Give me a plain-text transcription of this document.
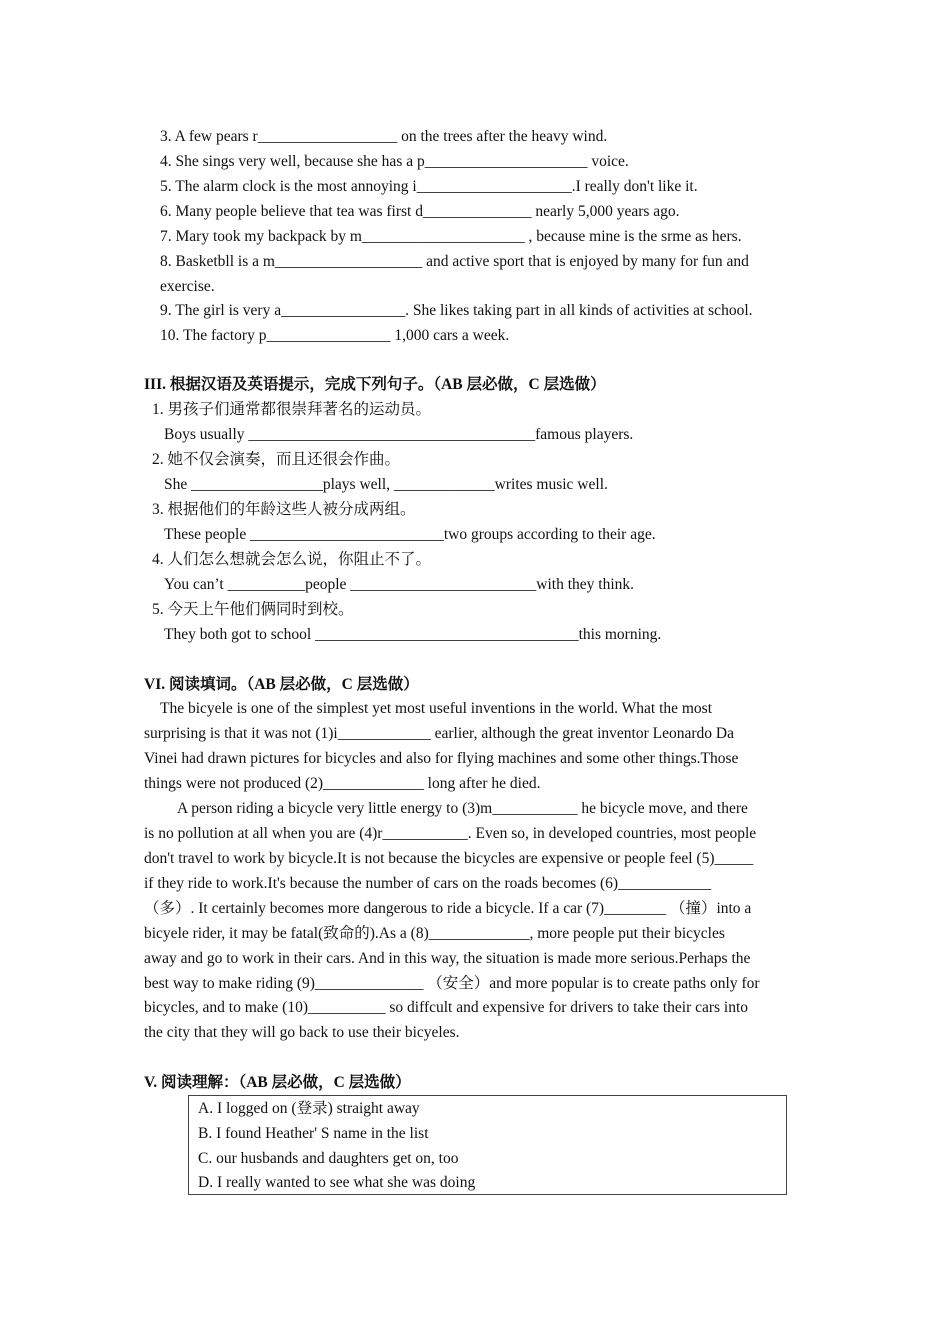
3. A few pears r__________________ on the trees after the heavy wind.
4. She sings very well, because she has a p_____________________ voice.
5. The alarm clock is the most annoying i____________________.I really don't like it.
6. Many people believe that tea was first d______________ nearly 5,000 years ago.
7. Mary took my backpack by m_____________________ , because mine is the srme as hers.
8. Basketbll is a m___________________ and active sport that is enjoyed by many for fun and
exercise.
9. The girl is very a________________. She likes taking part in all kinds of activities at school.
10. The factory p________________ 1,000 cars a week.
III. 根据汉语及英语提示，完成下列句子。（AB 层必做，C 层选做）
1. 男孩子们通常都很崇拜著名的运动员。
Boys usually _____________________________________famous players.
2. 她不仅会演奏，而且还很会作曲。
She _________________plays well, _____________writes music well.
3. 根据他们的年龄这些人被分成两组。
These people _________________________two groups according to their age.
4. 人们怎么想就会怎么说，你阻止不了。
You can’t __________people ________________________with they think.
5. 今天上午他们俩同时到校。
They both got to school __________________________________this morning.
VI. 阅读填词。（AB 层必做，C 层选做）
The bicyele is one of the simplest yet most useful inventions in the world. What the most
surprising is that it was not (1)i____________ earlier, although the great inventor Leonardo Da
Vinei had drawn pictures for bicycles and also for flying machines and some other things.Those
things were not produced (2)_____________ long after he died.
A person riding a bicycle very little energy to (3)m___________ he bicycle move, and there
is no pollution at all when you are (4)r___________. Even so, in developed countries, most people
don't travel to work by bicycle.It is not because the bicycles are expensive or people feel (5)_____
if they ride to work.It's because the number of cars on the roads becomes (6)____________
（多）. It certainly becomes more dangerous to ride a bicycle. If a car (7)________ （撞）into a
bicyele rider, it may be fatal(致命的).As a (8)_____________, more people put their bicycles
away and go to work in their cars. And in this way, the situation is made more serious.Perhaps the
best way to make riding (9)______________ （安全）and more popular is to create paths only for
bicycles, and to make (10)__________ so diffcult and expensive for drivers to take their cars into
the city that they will go back to use their bicyeles.
V. 阅读理解：（AB 层必做，C 层选做）
A. I logged on (登录) straight away
B. I found Heather' S name in the list
C. our husbands and daughters get on, too
D. I really wanted to see what she was doing
